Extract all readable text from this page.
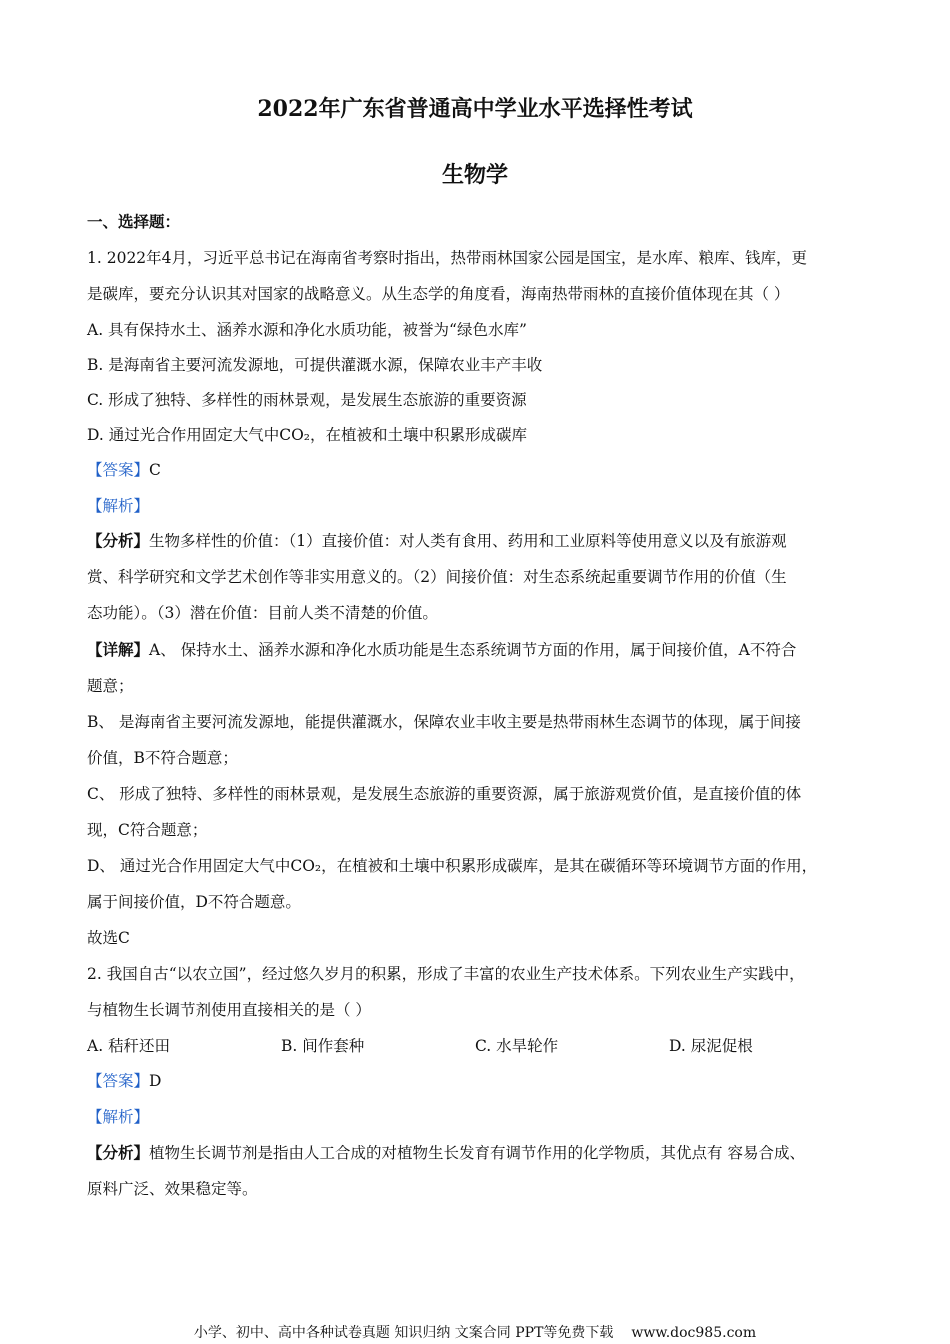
2022年广东省普通高中学业水平选择性考试
生物学
一、选择题：
1. 2022年4月，习近平总书记在海南省考察时指出，热带雨林国家公园是国宝，是水库、粮库、钱库，更
是碳库，要充分认识其对国家的战略意义。从生态学的角度看，海南热带雨林的直接价值体现在其（ ）
A. 具有保持水土、涵养水源和净化水质功能，被誉为“绿色水库”
B. 是海南省主要河流发源地，可提供灌溉水源，保障农业丰产丰收
C. 形成了独特、多样性的雨林景观，是发展生态旅游的重要资源
D. 通过光合作用固定大气中CO₂，在植被和土壤中积累形成碳库
【答案】C
【解析】
【分析】生物多样性的价值：（1）直接价值：对人类有食用、药用和工业原料等使用意义以及有旅游观
赏、科学研究和文学艺术创作等非实用意义的。（2）间接价值：对生态系统起重要调节作用的价值（生
态功能）。（3）潜在价值：目前人类不清楚的价值。
【详解】A、 保持水土、涵养水源和净化水质功能是生态系统调节方面的作用，属于间接价值，A不符合
题意；
B、 是海南省主要河流发源地，能提供灌溉水，保障农业丰收主要是热带雨林生态调节的体现，属于间接
价值，B不符合题意；
C、 形成了独特、多样性的雨林景观，是发展生态旅游的重要资源，属于旅游观赏价值，是直接价值的体
现，C符合题意；
D、 通过光合作用固定大气中CO₂，在植被和土壤中积累形成碳库，是其在碳循环等环境调节方面的作用，
属于间接价值，D不符合题意。
故选C
2. 我国自古“以农立国”，经过悠久岁月的积累，形成了丰富的农业生产技术体系。下列农业生产实践中，
与植物生长调节剂使用直接相关的是（ ）
A. 秸秆还田	B. 间作套种	C. 水旱轮作	D. 尿泥促根
【答案】D
【解析】
【分析】植物生长调节剂是指由人工合成的对植物生长发育有调节作用的化学物质，其优点有 容易合成、
原料广泛、效果稳定等。
小学、初中、高中各种试卷真题 知识归纳 文案合同 PPT等免费下载 www.doc985.com
